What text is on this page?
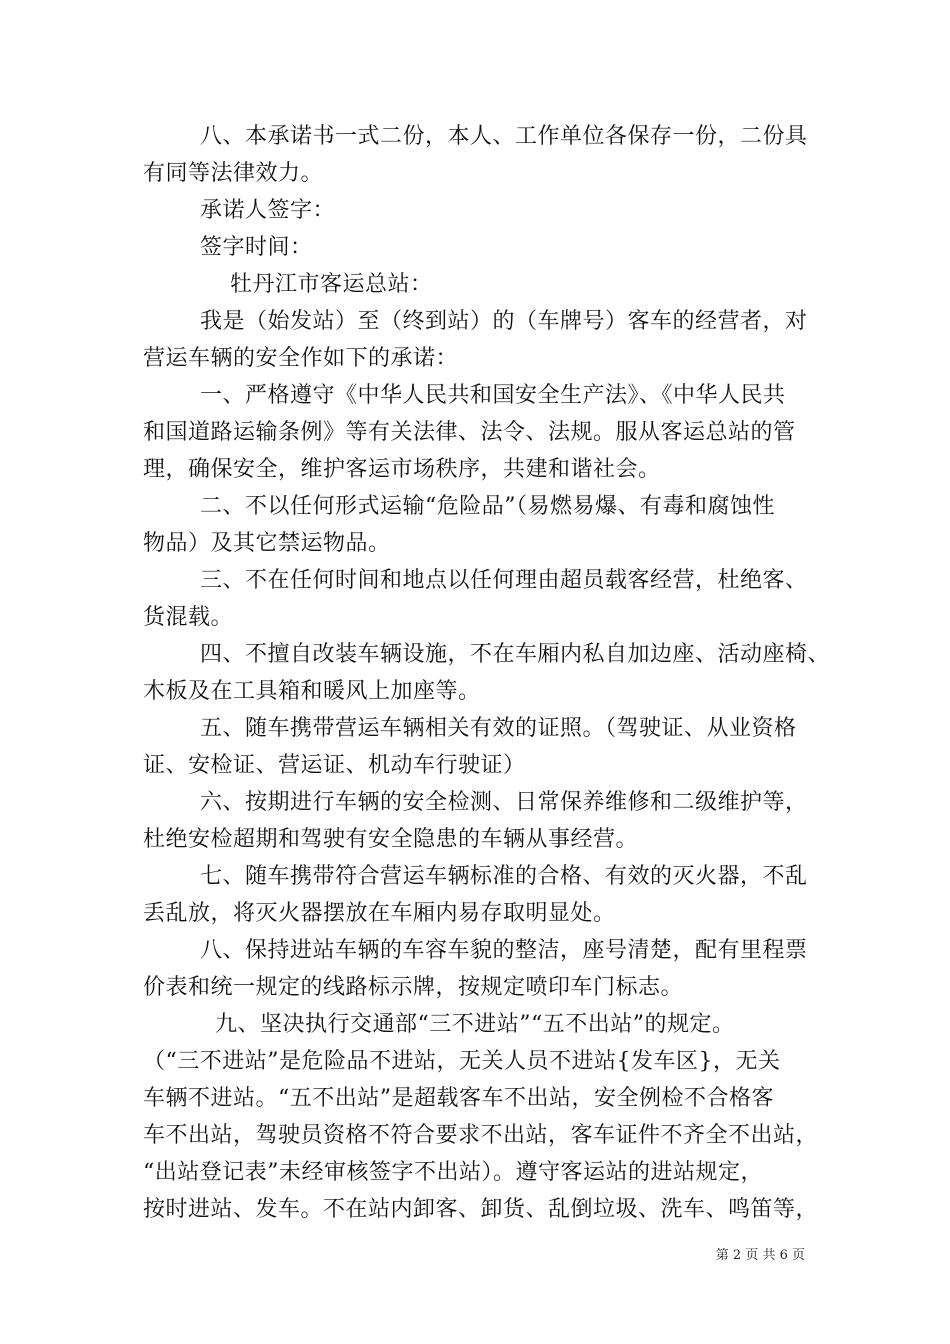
八、本承诺书一式二份，本人、工作单位各保存一份，二份具
有同等法律效力。
承诺人签字：
签字时间：
牡丹江市客运总站：
我是（始发站）至（终到站）的（车牌号）客车的经营者，对
营运车辆的安全作如下的承诺：
一、严格遵守《中华人民共和国安全生产法》、《中华人民共
和国道路运输条例》等有关法律、法令、法规。服从客运总站的管
理，确保安全，维护客运市场秩序，共建和谐社会。
二、不以任何形式运输“危险品”（易燃易爆、有毒和腐蚀性
物品）及其它禁运物品。
三、不在任何时间和地点以任何理由超员载客经营，杜绝客、
货混载。
四、不擅自改装车辆设施，不在车厢内私自加边座、活动座椅、
木板及在工具箱和暖风上加座等。
五、随车携带营运车辆相关有效的证照。（驾驶证、从业资格
证、安检证、营运证、机动车行驶证）
六、按期进行车辆的安全检测、日常保养维修和二级维护等，
杜绝安检超期和驾驶有安全隐患的车辆从事经营。
七、随车携带符合营运车辆标准的合格、有效的灭火器，不乱
丢乱放，将灭火器摆放在车厢内易存取明显处。
八、保持进站车辆的车容车貌的整洁，座号清楚，配有里程票
价表和统一规定的线路标示牌，按规定喷印车门标志。
九、坚决执行交通部“三不进站”“五不出站”的规定。
（“三不进站”是危险品不进站，无关人员不进站{发车区}，无关
车辆不进站。“五不出站”是超载客车不出站，安全例检不合格客
车不出站，驾驶员资格不符合要求不出站，客车证件不齐全不出站，
“出站登记表”未经审核签字不出站）。遵守客运站的进站规定，
按时进站、发车。不在站内卸客、卸货、乱倒垃圾、洗车、鸣笛等，
第 2 页 共 6 页
